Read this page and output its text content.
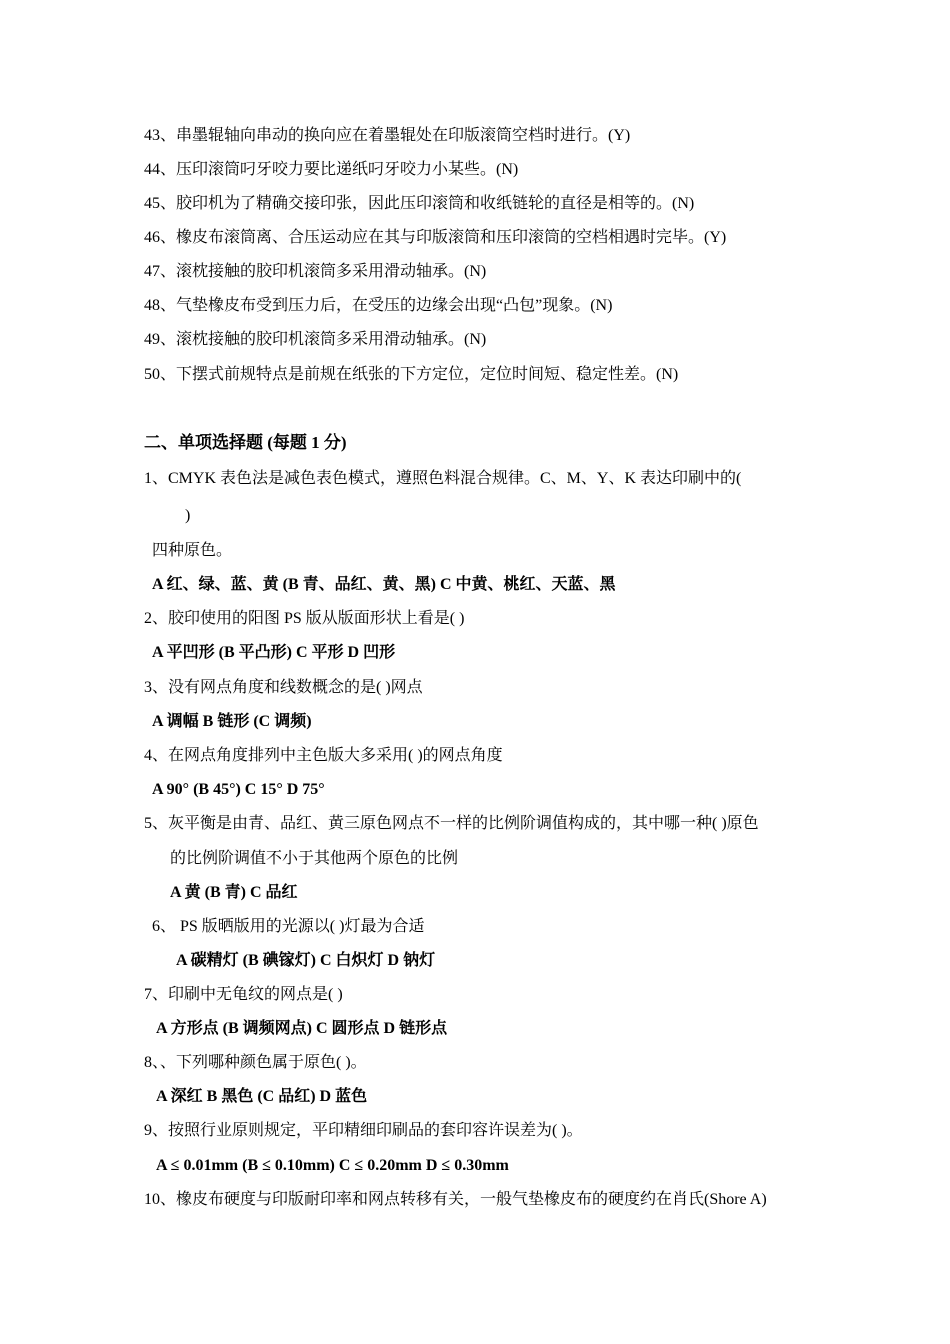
43、串墨辊轴向串动的换向应在着墨辊处在印版滚筒空档时进行。(Y)
44、压印滚筒叼牙咬力要比递纸叼牙咬力小某些。(N)
45、胶印机为了精确交接印张，因此压印滚筒和收纸链轮的直径是相等的。(N)
46、橡皮布滚筒离、合压运动应在其与印版滚筒和压印滚筒的空档相遇时完毕。(Y)
47、滚枕接触的胶印机滚筒多采用滑动轴承。(N)
48、气垫橡皮布受到压力后，在受压的边缘会出现“凸包”现象。(N)
49、滚枕接触的胶印机滚筒多采用滑动轴承。(N)
50、下摆式前规特点是前规在纸张的下方定位，定位时间短、稳定性差。(N)
二、单项选择题 (每题 1 分)
1、CMYK 表色法是减色表色模式，遵照色料混合规律。C、M、Y、K 表达印刷中的(
)
四种原色。
A 红、绿、蓝、黄 (B 青、品红、黄、黑) C 中黄、桃红、天蓝、黑
2、胶印使用的阳图 PS 版从版面形状上看是( )
A 平凹形 (B 平凸形) C 平形 D 凹形
3、没有网点角度和线数概念的是( )网点
A 调幅 B 链形 (C 调频)
4、在网点角度排列中主色版大多采用( )的网点角度
A 90° (B 45°) C 15° D 75°
5、灰平衡是由青、品红、黄三原色网点不一样的比例阶调值构成的，其中哪一种( )原色
的比例阶调值不小于其他两个原色的比例
A 黄 (B 青) C 品红
6、 PS 版晒版用的光源以( )灯最为合适
A 碳精灯 (B 碘镓灯) C 白炽灯 D 钠灯
7、印刷中无龟纹的网点是( )
A 方形点 (B 调频网点) C 圆形点 D 链形点
8、、下列哪种颜色属于原色( )。
A 深红 B 黑色 (C 品红) D 蓝色
9、按照行业原则规定，平印精细印刷品的套印容许误差为( )。
A ≤ 0.01mm (B ≤ 0.10mm) C ≤ 0.20mm D ≤ 0.30mm
10、橡皮布硬度与印版耐印率和网点转移有关，一般气垫橡皮布的硬度约在肖氏(Shore A)
